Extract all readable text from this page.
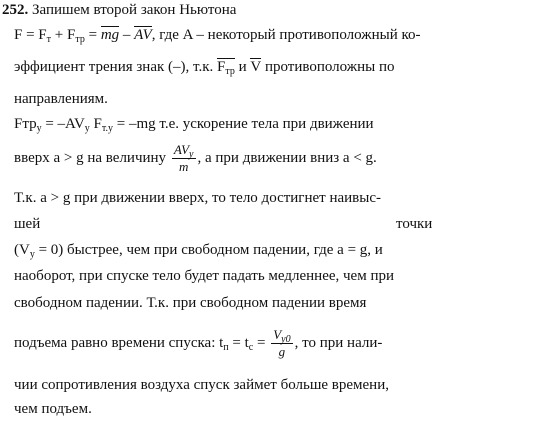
252. Запишем второй закон Ньютона
$F = F_т + F_{тр}$ = mg – AV, где A – некоторый противоположный ко-
эффициент трения знак (–), т.к. $F_{тр}$ и V противоположны по
направлениям.
$Fтр_y = -AV_y$ $F_{т.y} = -mg$ т.е. ускорение тела при движении
вверх a > g на величину $\frac{AV_y}{m}$ , а при движении вниз a < g.
Т.к. a > g при движении вверх, то тело достигнет наивыс-
шей	точки
$(V_y = 0)$ быстрее, чем при свободном падении, где a = g, и
наоборот, при спуске тело будет падать медленнее, чем при
свободном падении. Т.к. при свободном падении время
подъема равно времени спуска: $t_п = t_с = \frac{V_{y0}}{g}$ , то при нали-
чии сопротивления воздуха спуск займет больше времени,
чем подъем.
